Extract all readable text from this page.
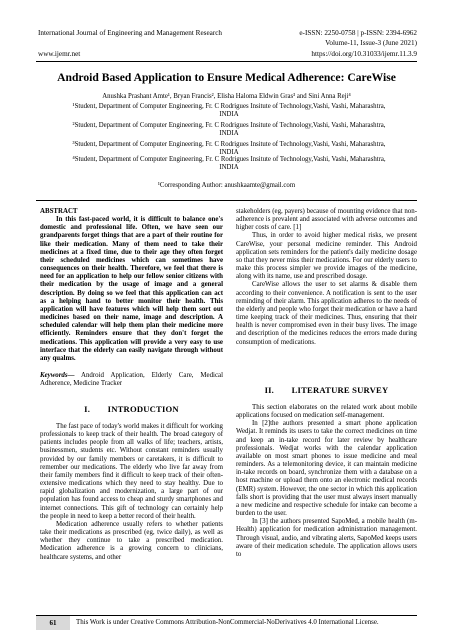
International Journal of Engineering and Management Research	e-ISSN: 2250-0758 | p-ISSN: 2394-6962
Volume-11, Issue-3 (June 2021)
www.ijemr.net	https://doi.org/10.31033/ijemr.11.3.9
Android Based Application to Ensure Medical Adherence: CareWise
Anushka Prashant Amte¹, Bryan Francis², Elisha Haloma Eldwin Gras³ and Sini Anna Reji⁴

¹Student, Department of Computer Engineering, Fr. C Rodrigues Insitute of Technology,Vashi, Vashi, Maharashtra,

INDIA

²Student, Department of Computer Engineering, Fr. C Rodrigues Insitute of Technology,Vashi, Vashi, Maharashtra,

INDIA

³Student, Department of Computer Engineering, Fr. C Rodrigues Insitute of Technology,Vashi, Vashi, Maharashtra,

INDIA

⁴Student, Department of Computer Engineering, Fr. C Rodrigues Insitute of Technology,Vashi, Vashi, Maharashtra,

INDIA

¹Corresponding Author: anushkaamte@gmail.com

ABSTRACT

In this fast-paced world, it is difficult to balance one's domestic and professional life. Often, we have seen our grandparents forget things that are a part of their routine for like their medication. Many of them need to take their medicines at a fixed time, due to their age they often forget their scheduled medicines which can sometimes have consequences on their health. Therefore, we feel that there is need for an application to help our fellow senior citizens with their medication by the usage of image and a general description. By doing so we feel that this application can act as a helping hand to better monitor their health. This application will have features which will help them sort out medicines based on their name, image and description. A scheduled calendar will help them plan their medicine more efficiently. Reminders ensure that they don't forget the medications. This application will provide a very easy to use interface that the elderly can easily navigate through without any qualms.

Keywords— Android Application, Elderly Care, Medical Adherence, Medicine Tracker

I.  INTRODUCTION

The fast pace of today's world makes it difficult for working professionals to keep track of their health. The broad category of patients includes people from all walks of life; teachers, artists, businessmen, students etc. Without constant reminders usually provided by our family members or caretakers, it is difficult to remember our medications. The elderly who live far away from their family members find it difficult to keep track of their often-extensive medications which they need to stay healthy. Due to rapid globalization and modernization, a large part of our population has found access to cheap and sturdy smartphones and internet connections. This gift of technology can certainly help the people in need to keep a better record of their health.

Medication adherence usually refers to whether patients take their medications as prescribed (eg, twice daily), as well as whether they continue to take a prescribed medication. Medication adherence is a growing concern to clinicians, healthcare systems, and other

stakeholders (eg, payers) because of mounting evidence that non-adherence is prevalent and associated with adverse outcomes and higher costs of care. [1]

Thus, in order to avoid higher medical risks, we present CareWise, your personal medicine reminder. This Android application sets reminders for the patient's daily medicine dosage so that they never miss their medications. For our elderly users to make this process simpler we provide images of the medicine, along with its name, use and prescribed dosage.

CareWise allows the user to set alarms & disable them according to their convenience. A notification is sent to the user reminding of their alarm. This application adheres to the needs of the elderly and people who forget their medication or have a hard time keeping track of their medicines. Thus, ensuring that their health is never compromised even in their busy lives. The image and description of the medicines reduces the errors made during consumption of medications.

II.  LITERATURE SURVEY

This section elaborates on the related work about mobile applications focused on medication self-management.

In [2]the authors presented a smart phone application Wedjat. It reminds its users to take the correct medicines on time and keep an in-take record for later review by healthcare professionals. Wedjat works with the calendar application available on most smart phones to issue medicine and meal reminders. As a telemonitoring device, it can maintain medicine in-take records on board, synchronize them with a database on a host machine or upload them onto an electronic medical records (EMR) system. However, the one sector in which this application falls short is providing that the user must always insert manually a new medicine and respective schedule for intake can become a burden to the user.

In [3] the authors presented SapoMed, a mobile health (m-Health) application for medication administration management. Through visual, audio, and vibrating alerts, SapoMed keeps users aware of their medication schedule. The application allows users to

61	This Work is under Creative Commons Attribution-NonCommercial-NoDerivatives 4.0 International License.
